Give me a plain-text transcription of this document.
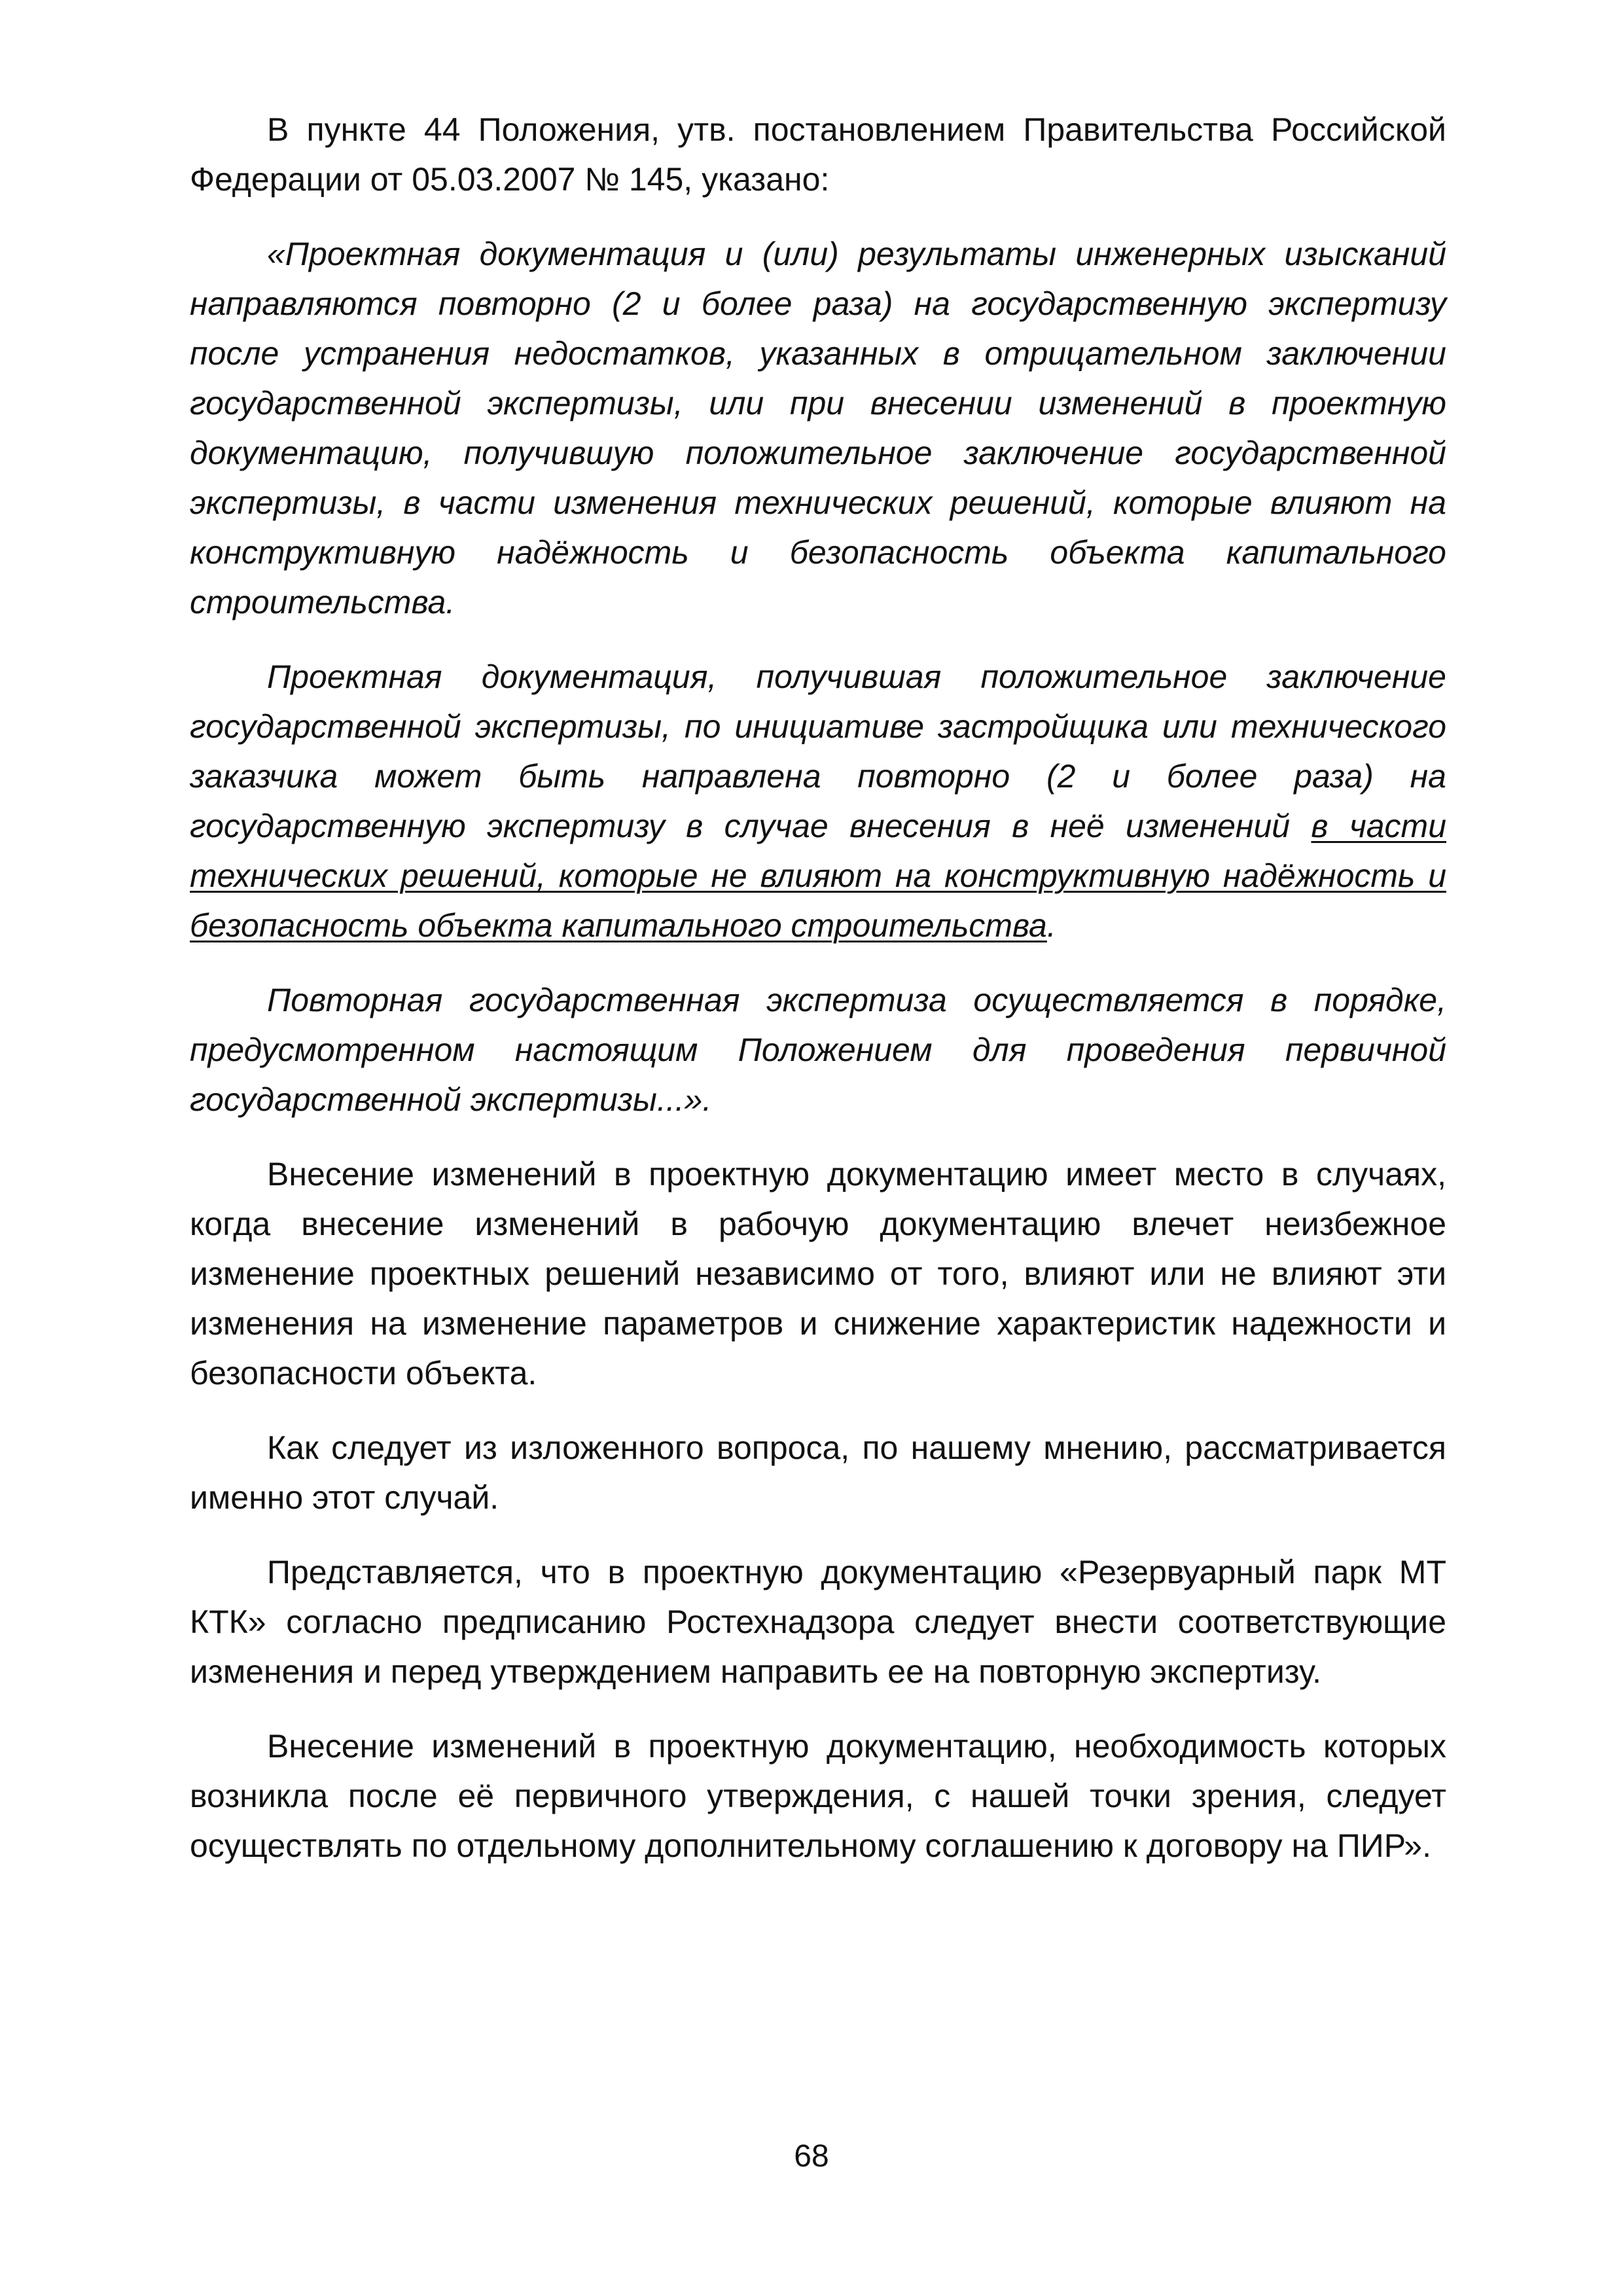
В пункте 44 Положения, утв. постановлением Правительства Российской Федерации от 05.03.2007 № 145, указано:

«Проектная документация и (или) результаты инженерных изысканий направляются повторно (2 и более раза) на государственную экспертизу после устранения недостатков, указанных в отрицательном заключении государственной экспертизы, или при внесении изменений в проектную документацию, получившую положительное заключение государственной экспертизы, в части изменения технических решений, которые влияют на конструктивную надёжность и безопасность объекта капитального строительства.

Проектная документация, получившая положительное заключение государственной экспертизы, по инициативе застройщика или технического заказчика может быть направлена повторно (2 и более раза) на государственную экспертизу в случае внесения в неё изменений в части технических решений, которые не влияют на конструктивную надёжность и безопасность объекта капитального строительства.

Повторная государственная экспертиза осуществляется в порядке, предусмотренном настоящим Положением для проведения первичной государственной экспертизы...».

Внесение изменений в проектную документацию имеет место в случаях, когда внесение изменений в рабочую документацию влечет неизбежное изменение проектных решений независимо от того, влияют или не влияют эти изменения на изменение параметров и снижение характеристик надежности и безопасности объекта.

Как следует из изложенного вопроса, по нашему мнению, рассматривается именно этот случай.

Представляется, что в проектную документацию «Резервуарный парк МТ КТК» согласно предписанию Ростехнадзора следует внести соответствующие изменения и перед утверждением направить ее на повторную экспертизу.

Внесение изменений в проектную документацию, необходимость которых возникла после её первичного утверждения, с нашей точки зрения, следует осуществлять по отдельному дополнительному соглашению к договору на ПИР».

68
